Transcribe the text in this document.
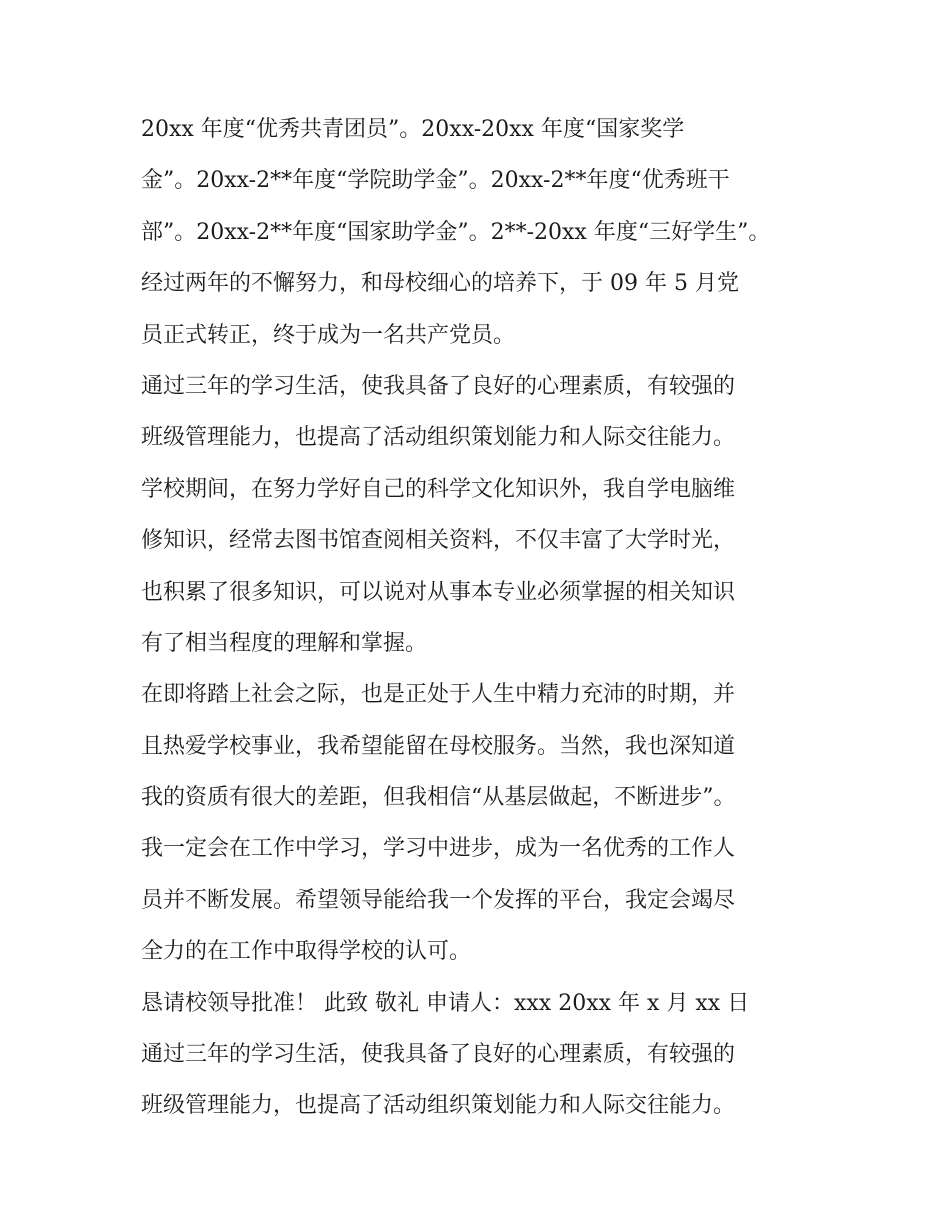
20xx 年度“优秀共青团员”。20xx-20xx 年度“国家奖学
金”。20xx-2**年度“学院助学金”。20xx-2**年度“优秀班干
部”。20xx-2**年度“国家助学金”。2**-20xx 年度“三好学生”。
经过两年的不懈努力，和母校细心的培养下，于 09 年 5 月党
员正式转正，终于成为一名共产党员。
通过三年的学习生活，使我具备了良好的心理素质，有较强的
班级管理能力，也提高了活动组织策划能力和人际交往能力。
学校期间，在努力学好自己的科学文化知识外，我自学电脑维
修知识，经常去图书馆查阅相关资料，不仅丰富了大学时光，
也积累了很多知识，可以说对从事本专业必须掌握的相关知识
有了相当程度的理解和掌握。
在即将踏上社会之际，也是正处于人生中精力充沛的时期，并
且热爱学校事业，我希望能留在母校服务。当然，我也深知道
我的资质有很大的差距，但我相信“从基层做起，不断进步”。
我一定会在工作中学习，学习中进步，成为一名优秀的工作人
员并不断发展。希望领导能给我一个发挥的平台，我定会竭尽
全力的在工作中取得学校的认可。
恳请校领导批准！ 此致 敬礼 申请人：xxx 20xx 年 x 月 xx 日
通过三年的学习生活，使我具备了良好的心理素质，有较强的
班级管理能力，也提高了活动组织策划能力和人际交往能力。
